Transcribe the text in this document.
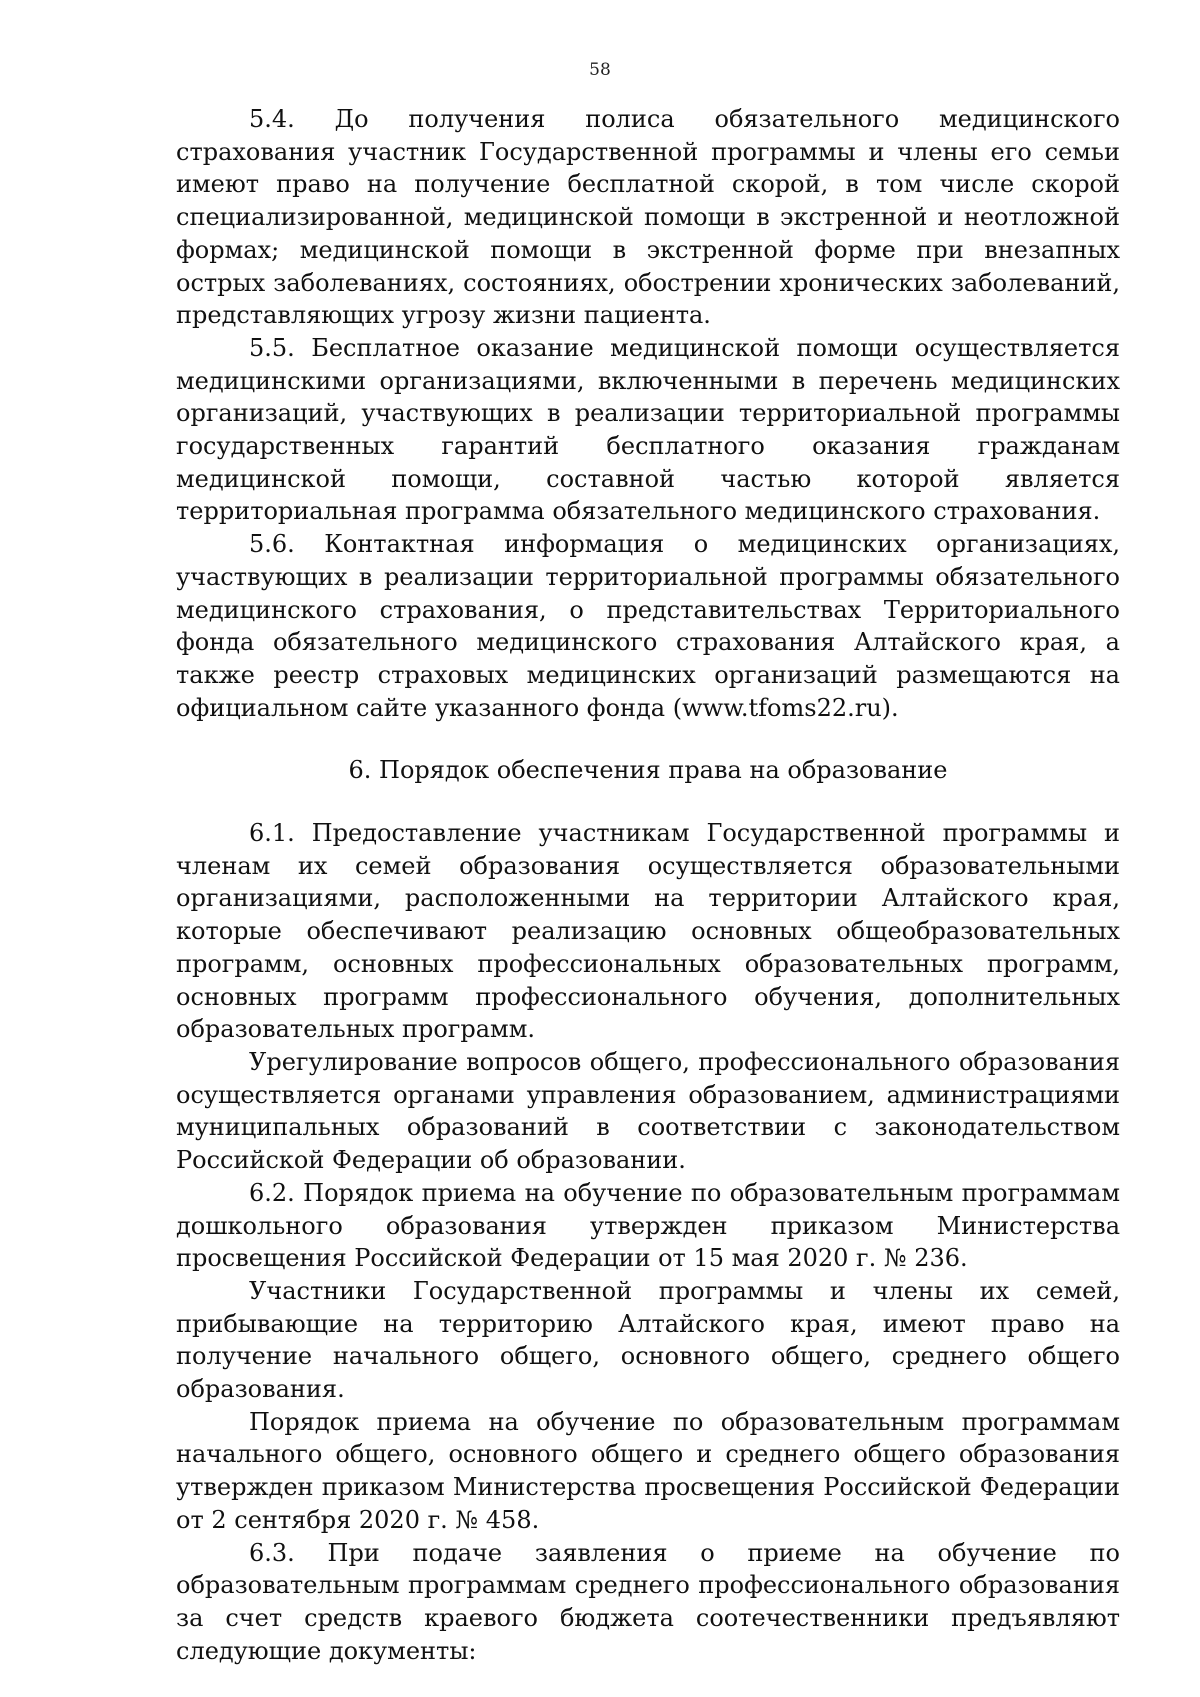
58

5.4. До получения полиса обязательного медицинского страхования участник Государственной программы и члены его семьи имеют право на получение бесплатной скорой, в том числе скорой специализированной, медицинской помощи в экстренной и неотложной формах; медицинской помощи в экстренной форме при внезапных острых заболеваниях, состояниях, обострении хронических заболеваний, представляющих угрозу жизни пациента.

5.5. Бесплатное оказание медицинской помощи осуществляется медицинскими организациями, включенными в перечень медицинских организаций, участвующих в реализации территориальной программы государственных гарантий бесплатного оказания гражданам медицинской помощи, составной частью которой является территориальная программа обязательного медицинского страхования.

5.6. Контактная информация о медицинских организациях, участвующих в реализации территориальной программы обязательного медицинского страхования, о представительствах Территориального фонда обязательного медицинского страхования Алтайского края, а также реестр страховых медицинских организаций размещаются на официальном сайте указанного фонда (www.tfoms22.ru).

6. Порядок обеспечения права на образование

6.1. Предоставление участникам Государственной программы и членам их семей образования осуществляется образовательными организациями, расположенными на территории Алтайского края, которые обеспечивают реализацию основных общеобразовательных программ, основных профессиональных образовательных программ, основных программ профессионального обучения, дополнительных образовательных программ.

Урегулирование вопросов общего, профессионального образования осуществляется органами управления образованием, администрациями муниципальных образований в соответствии с законодательством Российской Федерации об образовании.

6.2. Порядок приема на обучение по образовательным программам дошкольного образования утвержден приказом Министерства просвещения Российской Федерации от 15 мая 2020 г. № 236.

Участники Государственной программы и члены их семей, прибывающие на территорию Алтайского края, имеют право на получение начального общего, основного общего, среднего общего образования.

Порядок приема на обучение по образовательным программам начального общего, основного общего и среднего общего образования утвержден приказом Министерства просвещения Российской Федерации от 2 сентября 2020 г. № 458.

6.3. При подаче заявления о приеме на обучение по образовательным программам среднего профессионального образования за счет средств краевого бюджета соотечественники предъявляют следующие документы:
